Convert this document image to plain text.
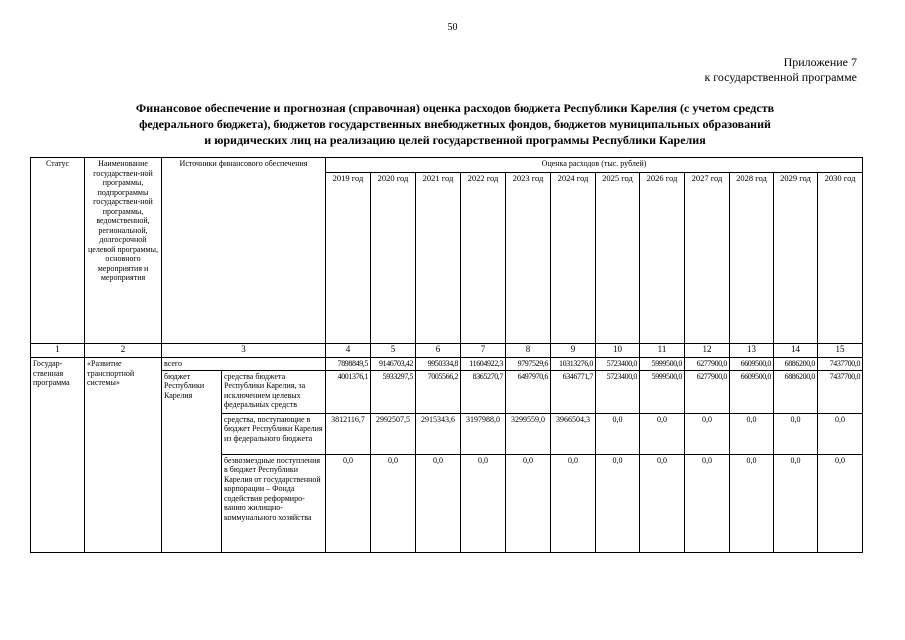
50
Приложение 7
к государственной программе
Финансовое обеспечение и прогнозная (справочная) оценка расходов бюджета Республики Карелия (с учетом средств
федерального бюджета), бюджетов государственных внебюджетных фондов, бюджетов муниципальных образований
и юридических лиц на реализацию целей государственной программы Республики Карелия
Статус	Наименование государствен-ной программы, подпрограммы государствен-ной программы, ведомственной, региональной, долгосрочной целевой программы, основного мероприятия и мероприятия	Источники финансового обеспечения		Оценка расходов (тыс. рублей)											
				2019 год	2020 год	2021 год	2022 год	2023 год	2024 год	2025 год	2026 год	2027 год	2028 год	2029 год	2030 год
1	2	3		4	5	6	7	8	9	10	11	12	13	14	15
Государ-ственная программа	«Развитие транспортной системы»	всего		7898849,5	9146703,42	9950334,8	11604922,3	9797529,6	10313276,0	5723400,0	5999500,0	6277900,0	6609500,0	6886200,0	7437700,0
		бюджет Республики Карелия	средства бюджета Республики Карелия, за исключением целевых федеральных средств	4001376,1	5933297,5	7005566,2	8365270,7	6497970,6	6346771,7	5723400,0	5999500,0	6277900,0	6609500,0	6886200,0	7437700,0
			средства, поступающие в бюджет Республики Карелия из федерального бюджета	3812116,7	2992507,5	2915343,6	3197988,0	3299559,0	3966504,3	0,0	0,0	0,0	0,0	0,0	0,0
			безвозмездные поступления в бюджет Республики Карелия от государственной корпорации – Фонда содействия реформиро-ванию жилищно-коммунального хозяйства	0,0	0,0	0,0	0,0	0,0	0,0	0,0	0,0	0,0	0,0	0,0	0,0
